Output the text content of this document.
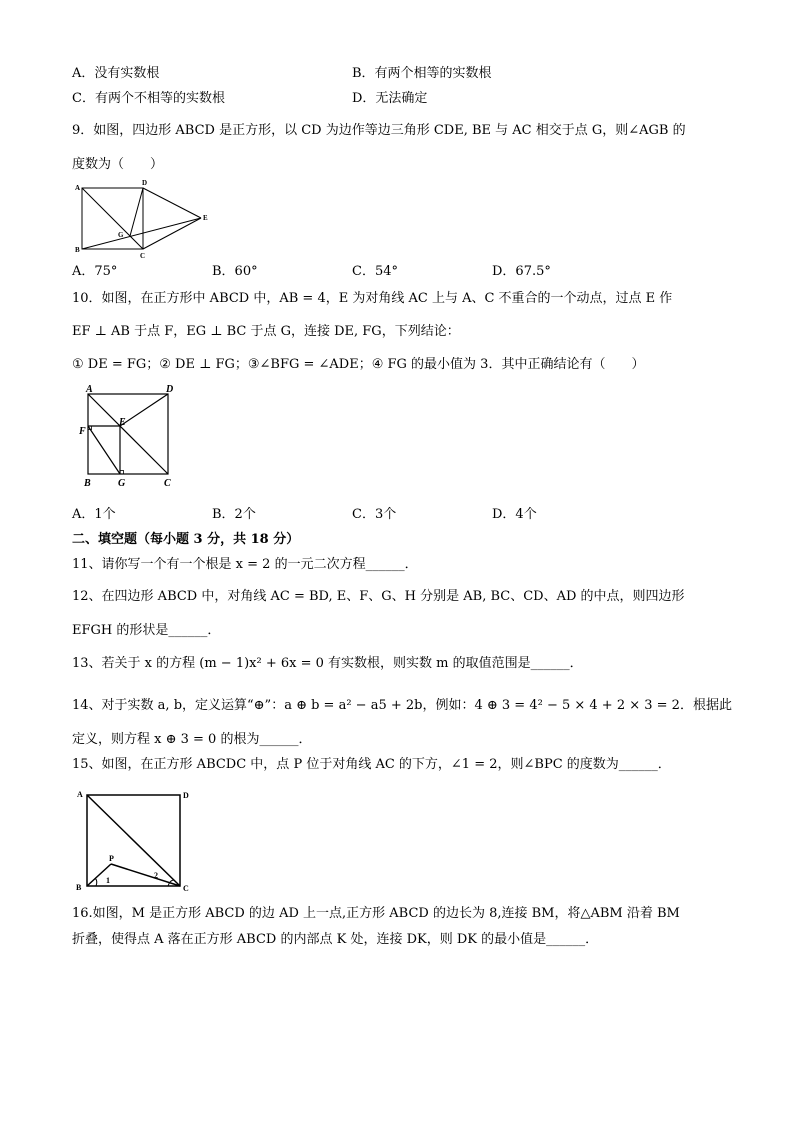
A．没有实数根	B．有两个相等的实数根
C．有两个不相等的实数根	D．无法确定
9．如图，四边形 ABCD 是正方形，以 CD 为边作等边三角形 CDE, BE 与 AC 相交于点 G，则∠AGB 的
度数为（　　）
A
B
C
D
E
G
A．75°	B．60°	C．54°	D．67.5°
10．如图，在正方形中 ABCD 中，AB = 4，E 为对角线 AC 上与 A、C 不重合的一个动点，过点 E 作
EF ⊥ AB 于点 F，EG ⊥ BC 于点 G，连接 DE, FG，下列结论：
① DE = FG；② DE ⊥ FG；③∠BFG = ∠ADE；④ FG 的最小值为 3．其中正确结论有（　　）
A	D
E
F
B	G	C
A．1个	B．2个	C．3个	D．4个
二、填空题（每小题 3 分，共 18 分）
11、请你写一个有一个根是 x = 2 的一元二次方程______．
12、在四边形 ABCD 中，对角线 AC = BD, E、F、G、H 分别是 AB, BC、CD、AD 的中点，则四边形
EFGH 的形状是______．
13、若关于 x 的方程 (m − 1)x² + 6x = 0 有实数根，则实数 m 的取值范围是______．
14、对于实数 a, b，定义运算“⊕”：a ⊕ b = a² − a5 + 2b，例如：4 ⊕ 3 = 4² − 5 × 4 + 2 × 3 = 2．根据此
定义，则方程 x ⊕ 3 = 0 的根为______．
15、如图，在正方形 ABCDC 中，点 P 位于对角线 AC 的下方，∠1 = 2，则∠BPC 的度数为______．
A	D
P
1
2
B	C
16.如图，M 是正方形 ABCD 的边 AD 上一点,正方形 ABCD 的边长为 8,连接 BM，将△ABM 沿着 BM
折叠，使得点 A 落在正方形 ABCD 的内部点 K 处，连接 DK，则 DK 的最小值是______．
